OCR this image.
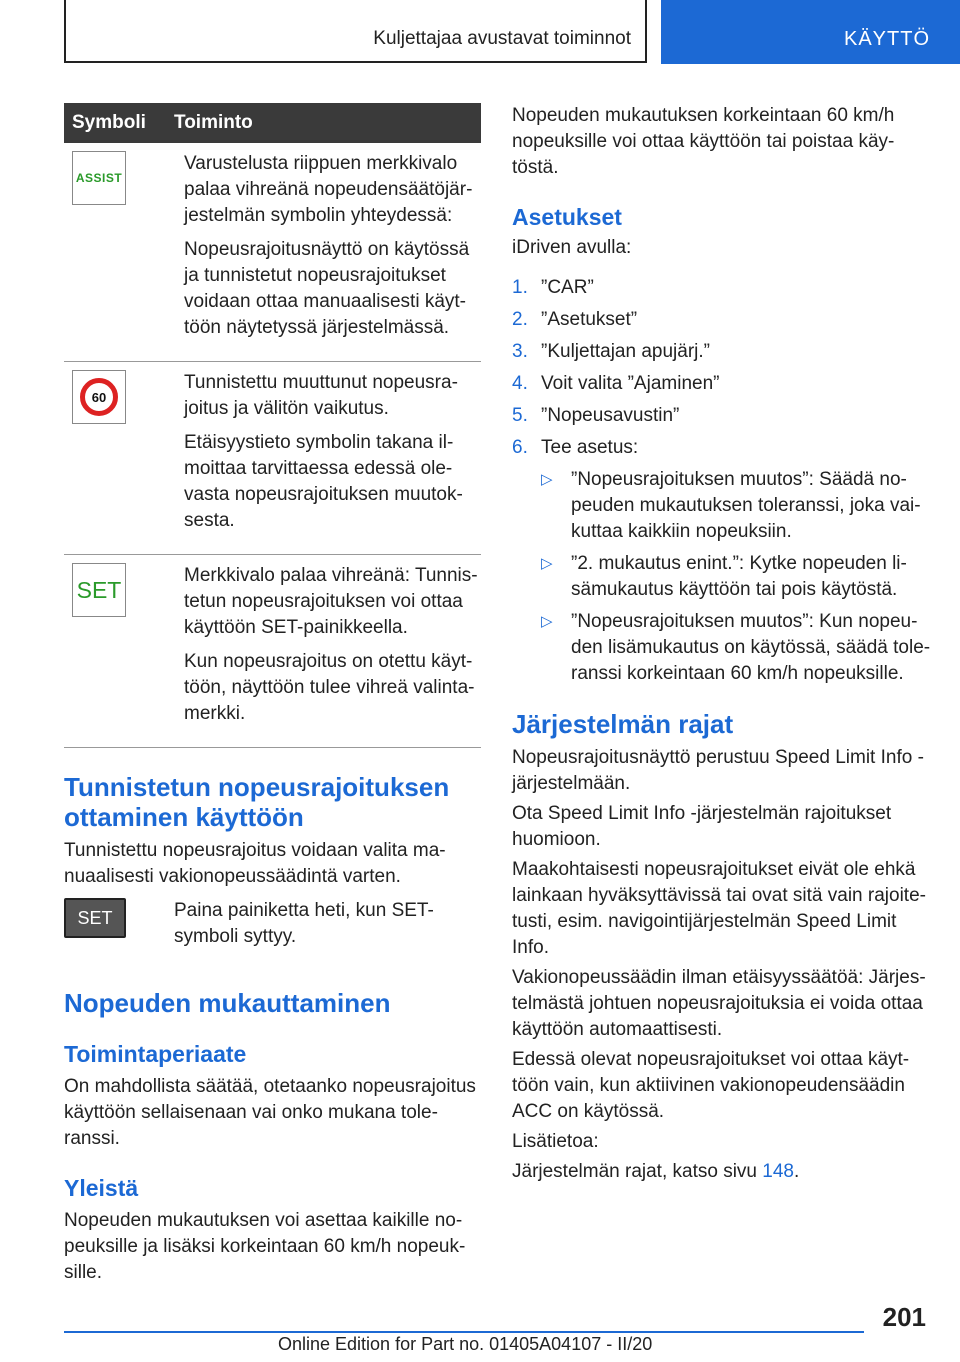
Kuljettajaa avustavat toiminnot	KÄYTTÖ
Symboli	Toiminto

ASSIST	Varustelusta riippuen merkkivalo palaa vihreänä nopeudensäätöjärjestelmän symbolin yhteydessä:

Nopeusrajoitusnäyttö on käytössä ja tunnistetut nopeusrajoitukset voidaan ottaa manuaalisesti käyttöön näytetyssä järjestelmässä.

60	Tunnistettu muuttunut nopeusrajoitus ja välitön vaikutus.

Etäisyystieto symbolin takana ilmoittaa tarvittaessa edessä olevasta nopeusrajoituksen muutoksesta.

SET	Merkkivalo palaa vihreänä: Tunnistetun nopeusrajoituksen voi ottaa käyttöön SET-painikkeella.

Kun nopeusrajoitus on otettu käyttöön, näyttöön tulee vihreä valintamerkki.

Tunnistetun nopeusrajoituksen ottaminen käyttöön

Tunnistettu nopeusrajoitus voidaan valita manuaalisesti vakionopeussäädintä varten.

SET	Paina painiketta heti, kun SET-symboli syttyy.

Nopeuden mukauttaminen
Toimintaperiaate

On mahdollista säätää, otetaanko nopeusrajoitus käyttöön sellaisenaan vai onko mukana toleranssi.

Yleistä

Nopeuden mukautuksen voi asettaa kaikille nopeuksille ja lisäksi korkeintaan 60 km/h nopeuksille.

Nopeuden mukautuksen korkeintaan 60 km/h nopeuksille voi ottaa käyttöön tai poistaa käytöstä.

Asetukset

iDriven avulla:

1. ”CAR”
2. ”Asetukset”
3. ”Kuljettajan apujärj.”
4. Voit valita ”Ajaminen”
5. ”Nopeusavustin”
6. Tee asetus:
▷ ”Nopeusrajoituksen muutos”: Säädä nopeuden mukautuksen toleranssi, joka vaikuttaa kaikkiin nopeuksiin.
▷ ”2. mukautus enint.”: Kytke nopeuden lisämukautus käyttöön tai pois käytöstä.
▷ ”Nopeusrajoituksen muutos”: Kun nopeuden lisämukautus on käytössä, säädä toleranssi korkeintaan 60 km/h nopeuksille.
Järjestelmän rajat

Nopeusrajoitusnäyttö perustuu Speed Limit Info -järjestelmään.

Ota Speed Limit Info -järjestelmän rajoitukset huomioon.

Maakohtaisesti nopeusrajoitukset eivät ole ehkä lainkaan hyväksyttävissä tai ovat sitä vain rajoitetusti, esim. navigointijärjestelmän Speed Limit Info.

Vakionopeussäädin ilman etäisyyssäätöä: Järjestelmästä johtuen nopeusrajoituksia ei voida ottaa käyttöön automaattisesti.

Edessä olevat nopeusrajoitukset voi ottaa käyttöön vain, kun aktiivinen vakionopeudensäädin ACC on käytössä.

Lisätietoa:

Järjestelmän rajat, katso sivu 148.

201
Online Edition for Part no. 01405A04107 - II/20
